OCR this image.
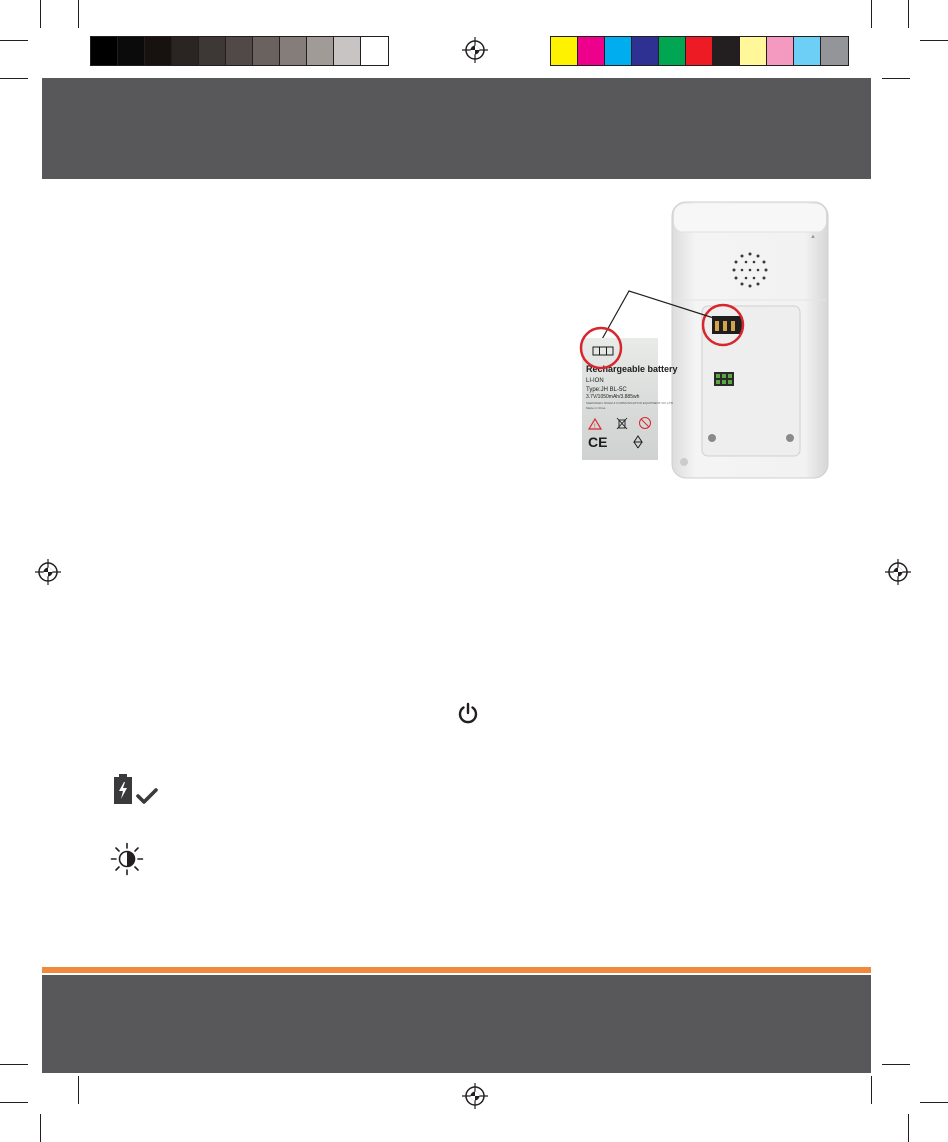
▲
Rechargeable battery
LI-ION
Type:JH BL-5C
3.7V/1050mAh/3.885wh
SHENZHEN JINGHUI COMMUNICATION EQUIPMENT CO.,LTD
Made in China
!
CE
